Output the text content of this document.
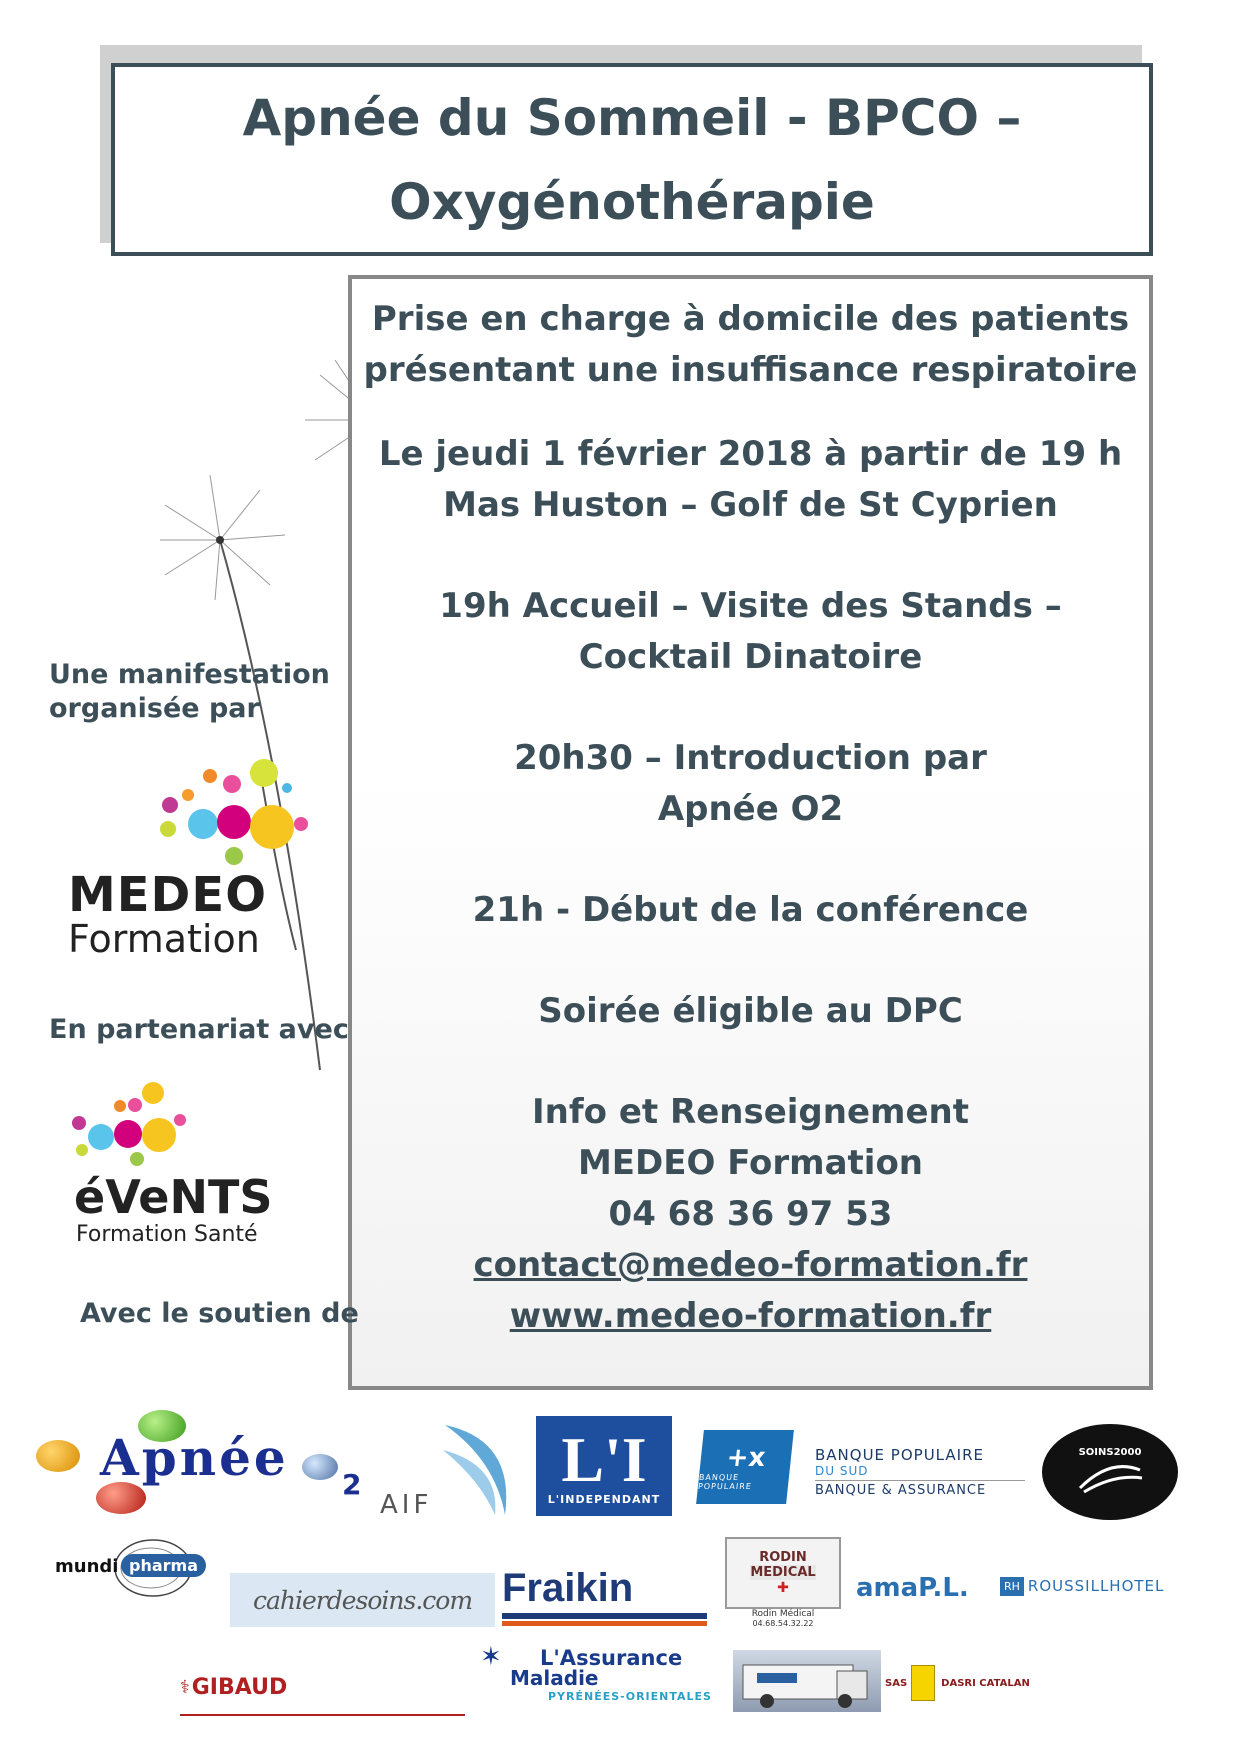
Apnée du Sommeil - BPCO –
Oxygénothérapie
Prise en charge à domicile des patients
présentant une insuffisance respiratoire
Le jeudi 1 février 2018 à partir de 19 h
Mas Huston – Golf de St Cyprien
19h Accueil – Visite des Stands –
Cocktail Dinatoire
20h30 – Introduction par
Apnée O2
21h - Début de la conférence
Soirée éligible au DPC
Info et Renseignement
MEDEO Formation
04 68 36 97 53
contact@medeo-formation.fr
www.medeo-formation.fr
Une manifestation
organisée par
MEDEO
Formation
En partenariat avec
éVeNTS
Formation Santé
Avec le soutien de
Apnée 2
AIF
L'I
L'INDEPENDANT
+x
BANQUE POPULAIRE
BANQUE POPULAIRE
DU SUD
BANQUE & ASSURANCE
SOINS2000
mundi pharma
cahierdesoins.com Fraikin
RODIN
MEDICAL
✚
Rodin Médical
04.68.54.32.22
amaP.L.	RH ROUSSILLHOTEL
⚕ GIBAUD
✶ L'Assurance
Maladie
PYRÉNÉES-ORIENTALES
SAS	DASRI CATALAN
